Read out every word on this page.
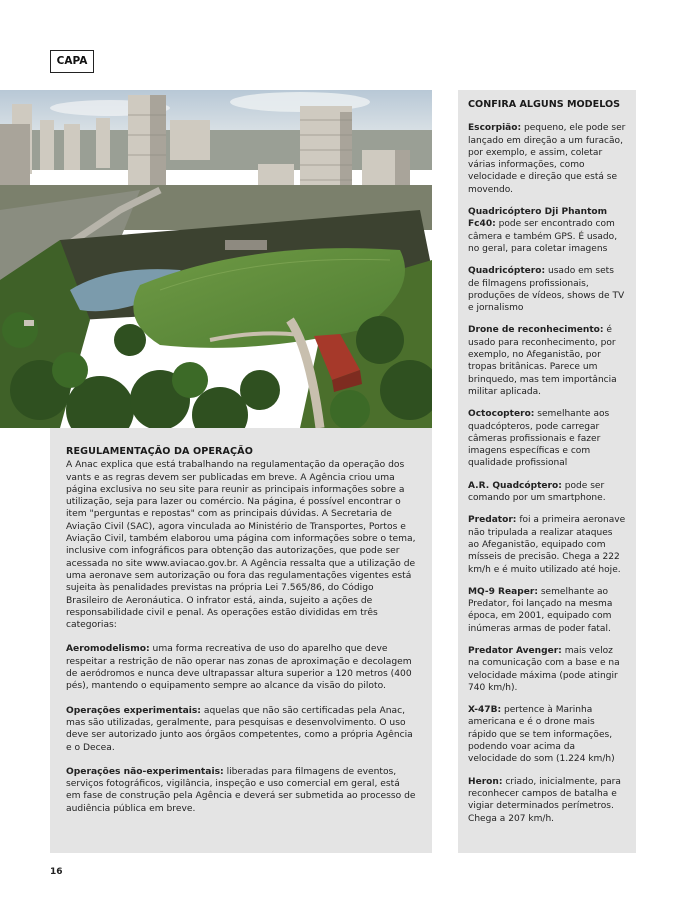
CAPA
REGULAMENTAÇÃO DA OPERAÇÃO

A Anac explica que está trabalhando na regulamentação da operação dos vants e as regras devem ser publicadas em breve. A Agência criou uma página exclusiva no seu site para reunir as principais informações sobre a utilização, seja para lazer ou comércio. Na página, é possível encontrar o item "perguntas e repostas" com as principais dúvidas. A Secretaria de Aviação Civil (SAC), agora vinculada ao Ministério de Transportes, Portos e Aviação Civil, também elaborou uma página com informações sobre o tema, inclusive com infográficos para obtenção das autorizações, que pode ser acessada no site www.aviacao.gov.br. A Agência ressalta que a utilização de uma aeronave sem autorização ou fora das regulamentações vigentes está sujeita às penalidades previstas na própria Lei 7.565/86, do Código Brasileiro de Aeronáutica. O infrator está, ainda, sujeito a ações de responsabilidade civil e penal. As operações estão divididas em três categorias:

Aeromodelismo: uma forma recreativa de uso do aparelho que deve respeitar a restrição de não operar nas zonas de aproximação e decolagem de aeródromos e nunca deve ultrapassar altura superior a 120 metros (400 pés), mantendo o equipamento sempre ao alcance da visão do piloto.

Operações experimentais: aquelas que não são certificadas pela Anac, mas são utilizadas, geralmente, para pesquisas e desenvolvimento. O uso deve ser autorizado junto aos órgãos competentes, como a própria Agência e o Decea.

Operações não-experimentais: liberadas para filmagens de eventos, serviços fotográficos, vigilância, inspeção e uso comercial em geral, está em fase de construção pela Agência e deverá ser submetida ao processo de audiência pública em breve.

CONFIRA ALGUNS MODELOS
Escorpião: pequeno, ele pode ser lançado em direção a um furacão, por exemplo, e assim, coletar várias informações, como velocidade e direção que está se movendo.
Quadricóptero Dji Phantom Fc40: pode ser encontrado com câmera e também GPS. É usado, no geral, para coletar imagens
Quadricóptero: usado em sets de filmagens profissionais, produções de vídeos, shows de TV e jornalismo
Drone de reconhecimento: é usado para reconhecimento, por exemplo, no Afeganistão, por tropas britânicas. Parece um brinquedo, mas tem importância militar aplicada.
Octocoptero: semelhante aos quadcópteros, pode carregar câmeras profissionais e fazer imagens específicas e com qualidade profissional
A.R. Quadcóptero: pode ser comando por um smartphone.
Predator: foi a primeira aeronave não tripulada a realizar ataques ao Afeganistão, equipado com mísseis de precisão. Chega a 222 km/h e é muito utilizado até hoje.
MQ-9 Reaper: semelhante ao Predator, foi lançado na mesma época, em 2001, equipado com inúmeras armas de poder fatal.
Predator Avenger: mais veloz na comunicação com a base e na velocidade máxima (pode atingir 740 km/h).
X-47B: pertence à Marinha americana e é o drone mais rápido que se tem informações, podendo voar acima da velocidade do som (1.224 km/h)
Heron: criado, inicialmente, para reconhecer campos de batalha e vigiar determinados perímetros. Chega a 207 km/h.
16
